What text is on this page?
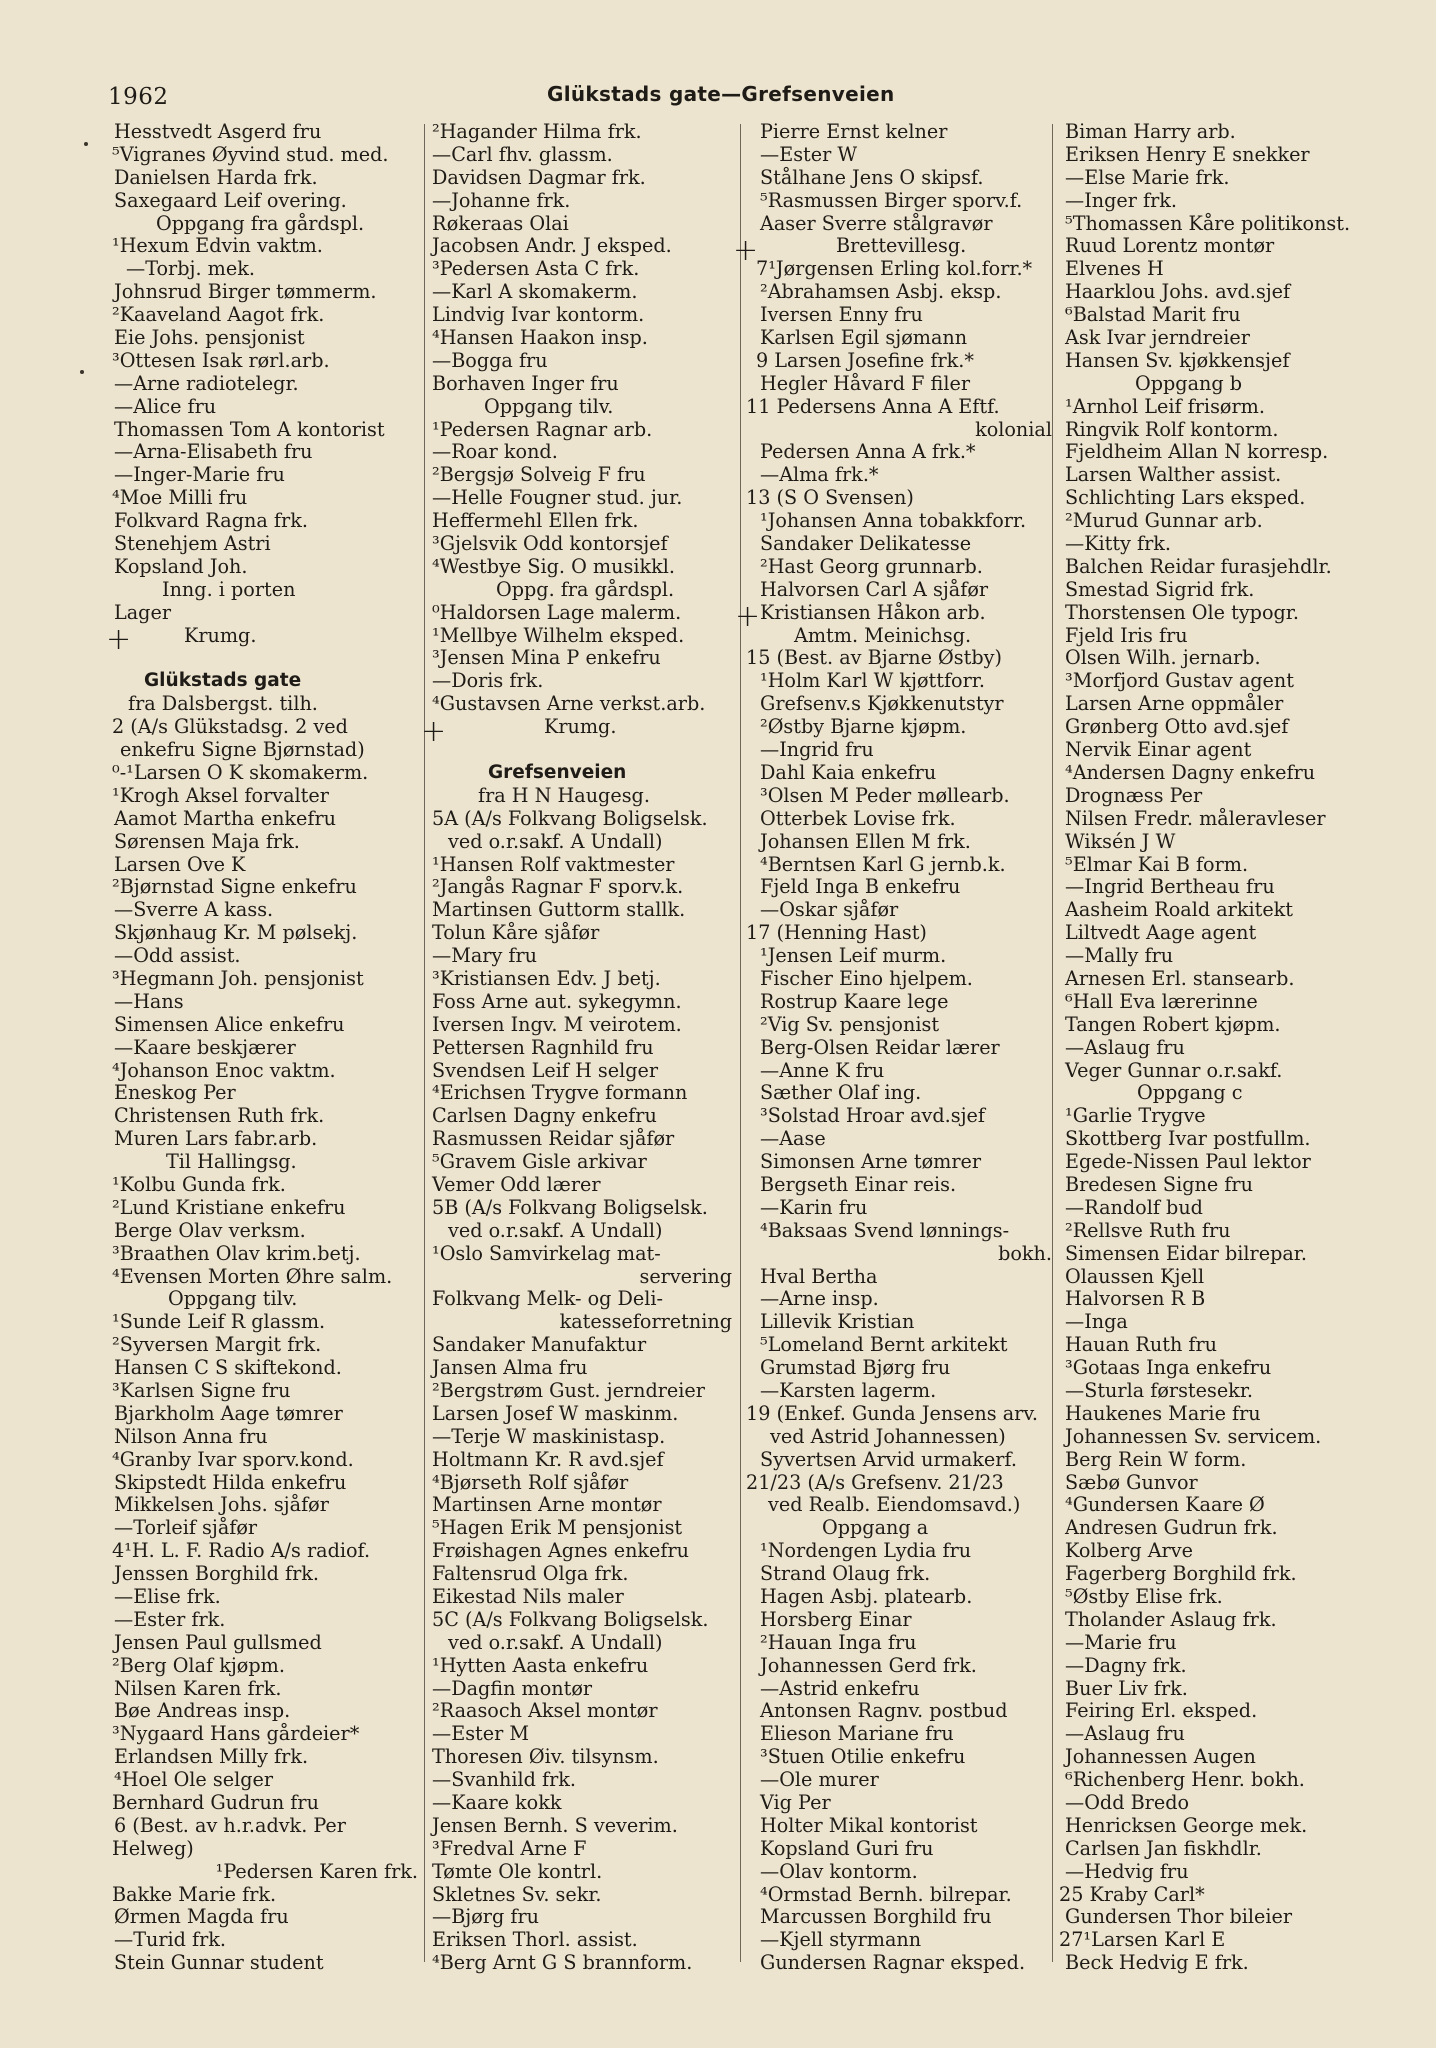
1962	Glükstads gate—Grefsenveien
+
+
+
+
Hesstvedt Asgerd fru
⁵Vigranes Øyvind stud. med.
Danielsen Harda frk.
Saxegaard Leif overing.
Oppgang fra gårdspl.
¹Hexum Edvin vaktm.
—Torbj. mek.
Johnsrud Birger tømmerm.
²Kaaveland Aagot frk.
Eie Johs. pensjonist
³Ottesen Isak rørl.arb.
—Arne radiotelegr.
—Alice fru
Thomassen Tom A kontorist
—Arna-Elisabeth fru
—Inger-Marie fru
⁴Moe Milli fru
Folkvard Ragna frk.
Stenehjem Astri
Kopsland Joh.
Inng. i porten
Lager
Krumg.
Glükstads gate
fra Dalsbergst. tilh.
2 (A/s Glükstadsg. 2 ved
enkefru Signe Bjørnstad)
⁰-¹Larsen O K skomakerm.
¹Krogh Aksel forvalter
Aamot Martha enkefru
Sørensen Maja frk.
Larsen Ove K
²Bjørnstad Signe enkefru
—Sverre A kass.
Skjønhaug Kr. M pølsekj.
—Odd assist.
³Hegmann Joh. pensjonist
—Hans
Simensen Alice enkefru
—Kaare beskjærer
⁴Johanson Enoc vaktm.
Eneskog Per
Christensen Ruth frk.
Muren Lars fabr.arb.
Til Hallingsg.
¹Kolbu Gunda frk.
²Lund Kristiane enkefru
Berge Olav verksm.
³Braathen Olav krim.betj.
⁴Evensen Morten Øhre salm.
Oppgang tilv.
¹Sunde Leif R glassm.
²Syversen Margit frk.
Hansen C S skiftekond.
³Karlsen Signe fru
Bjarkholm Aage tømrer
Nilson Anna fru
⁴Granby Ivar sporv.kond.
Skipstedt Hilda enkefru
Mikkelsen Johs. sjåfør
—Torleif sjåfør
4¹H. L. F. Radio A/s radiof.
Jenssen Borghild frk.
—Elise frk.
—Ester frk.
Jensen Paul gullsmed
²Berg Olaf kjøpm.
Nilsen Karen frk.
Bøe Andreas insp.
³Nygaard Hans gårdeier*
Erlandsen Milly frk.
⁴Hoel Ole selger
Bernhard Gudrun fru
6 (Best. av h.r.advk. Per
Helweg)
¹Pedersen Karen frk.
Bakke Marie frk.
Ørmen Magda fru
—Turid frk.
Stein Gunnar student
²Hagander Hilma frk.
—Carl fhv. glassm.
Davidsen Dagmar frk.
—Johanne frk.
Røkeraas Olai
Jacobsen Andr. J eksped.
³Pedersen Asta C frk.
—Karl A skomakerm.
Lindvig Ivar kontorm.
⁴Hansen Haakon insp.
—Bogga fru
Borhaven Inger fru
Oppgang tilv.
¹Pedersen Ragnar arb.
—Roar kond.
²Bergsjø Solveig F fru
—Helle Fougner stud. jur.
Heffermehl Ellen frk.
³Gjelsvik Odd kontorsjef
⁴Westbye Sig. O musikkl.
Oppg. fra gårdspl.
⁰Haldorsen Lage malerm.
¹Mellbye Wilhelm eksped.
³Jensen Mina P enkefru
—Doris frk.
⁴Gustavsen Arne verkst.arb.
Krumg.
Grefsenveien
fra H N Haugesg.
5A (A/s Folkvang Boligselsk.
ved o.r.sakf. A Undall)
¹Hansen Rolf vaktmester
²Jangås Ragnar F sporv.k.
Martinsen Guttorm stallk.
Tolun Kåre sjåfør
—Mary fru
³Kristiansen Edv. J betj.
Foss Arne aut. sykegymn.
Iversen Ingv. M veirotem.
Pettersen Ragnhild fru
Svendsen Leif H selger
⁴Erichsen Trygve formann
Carlsen Dagny enkefru
Rasmussen Reidar sjåfør
⁵Gravem Gisle arkivar
Vemer Odd lærer
5B (A/s Folkvang Boligselsk.
ved o.r.sakf. A Undall)
¹Oslo Samvirkelag mat-
servering
Folkvang Melk- og Deli-
katesseforretning
Sandaker Manufaktur
Jansen Alma fru
²Bergstrøm Gust. jerndreier
Larsen Josef W maskinm.
—Terje W maskinistasp.
Holtmann Kr. R avd.sjef
⁴Bjørseth Rolf sjåfør
Martinsen Arne montør
⁵Hagen Erik M pensjonist
Frøishagen Agnes enkefru
Faltensrud Olga frk.
Eikestad Nils maler
5C (A/s Folkvang Boligselsk.
ved o.r.sakf. A Undall)
¹Hytten Aasta enkefru
—Dagfin montør
²Raasoch Aksel montør
—Ester M
Thoresen Øiv. tilsynsm.
—Svanhild frk.
—Kaare kokk
Jensen Bernh. S veverim.
³Fredval Arne F
Tømte Ole kontrl.
Skletnes Sv. sekr.
—Bjørg fru
Eriksen Thorl. assist.
⁴Berg Arnt G S brannform.
Pierre Ernst kelner
—Ester W
Stålhane Jens O skipsf.
⁵Rasmussen Birger sporv.f.
Aaser Sverre stålgravør
Brettevillesg.
7¹Jørgensen Erling kol.forr.*
²Abrahamsen Asbj. eksp.
Iversen Enny fru
Karlsen Egil sjømann
9 Larsen Josefine frk.*
Hegler Håvard F filer
11 Pedersens Anna A Eftf.
kolonial
Pedersen Anna A frk.*
—Alma frk.*
13 (S O Svensen)
¹Johansen Anna tobakkforr.
Sandaker Delikatesse
²Hast Georg grunnarb.
Halvorsen Carl A sjåfør
Kristiansen Håkon arb.
Amtm. Meinichsg.
15 (Best. av Bjarne Østby)
¹Holm Karl W kjøttforr.
Grefsenv.s Kjøkkenutstyr
²Østby Bjarne kjøpm.
—Ingrid fru
Dahl Kaia enkefru
³Olsen M Peder møllearb.
Otterbek Lovise frk.
Johansen Ellen M frk.
⁴Berntsen Karl G jernb.k.
Fjeld Inga B enkefru
—Oskar sjåfør
17 (Henning Hast)
¹Jensen Leif murm.
Fischer Eino hjelpem.
Rostrup Kaare lege
²Vig Sv. pensjonist
Berg-Olsen Reidar lærer
—Anne K fru
Sæther Olaf ing.
³Solstad Hroar avd.sjef
—Aase
Simonsen Arne tømrer
Bergseth Einar reis.
—Karin fru
⁴Baksaas Svend lønnings-
bokh.
Hval Bertha
—Arne insp.
Lillevik Kristian
⁵Lomeland Bernt arkitekt
Grumstad Bjørg fru
—Karsten lagerm.
19 (Enkef. Gunda Jensens arv.
ved Astrid Johannessen)
Syvertsen Arvid urmakerf.
21/23 (A/s Grefsenv. 21/23
ved Realb. Eiendomsavd.)
Oppgang a
¹Nordengen Lydia fru
Strand Olaug frk.
Hagen Asbj. platearb.
Horsberg Einar
²Hauan Inga fru
Johannessen Gerd frk.
—Astrid enkefru
Antonsen Ragnv. postbud
Elieson Mariane fru
³Stuen Otilie enkefru
—Ole murer
Vig Per
Holter Mikal kontorist
Kopsland Guri fru
—Olav kontorm.
⁴Ormstad Bernh. bilrepar.
Marcussen Borghild fru
—Kjell styrmann
Gundersen Ragnar eksped.
Biman Harry arb.
Eriksen Henry E snekker
—Else Marie frk.
—Inger frk.
⁵Thomassen Kåre politikonst.
Ruud Lorentz montør
Elvenes H
Haarklou Johs. avd.sjef
⁶Balstad Marit fru
Ask Ivar jerndreier
Hansen Sv. kjøkkensjef
Oppgang b
¹Arnhol Leif frisørm.
Ringvik Rolf kontorm.
Fjeldheim Allan N korresp.
Larsen Walther assist.
Schlichting Lars eksped.
²Murud Gunnar arb.
—Kitty frk.
Balchen Reidar furasjehdlr.
Smestad Sigrid frk.
Thorstensen Ole typogr.
Fjeld Iris fru
Olsen Wilh. jernarb.
³Morfjord Gustav agent
Larsen Arne oppmåler
Grønberg Otto avd.sjef
Nervik Einar agent
⁴Andersen Dagny enkefru
Drognæss Per
Nilsen Fredr. måleravleser
Wiksén J W
⁵Elmar Kai B form.
—Ingrid Bertheau fru
Aasheim Roald arkitekt
Liltvedt Aage agent
—Mally fru
Arnesen Erl. stansearb.
⁶Hall Eva lærerinne
Tangen Robert kjøpm.
—Aslaug fru
Veger Gunnar o.r.sakf.
Oppgang c
¹Garlie Trygve
Skottberg Ivar postfullm.
Egede-Nissen Paul lektor
Bredesen Signe fru
—Randolf bud
²Rellsve Ruth fru
Simensen Eidar bilrepar.
Olaussen Kjell
Halvorsen R B
—Inga
Hauan Ruth fru
³Gotaas Inga enkefru
—Sturla førstesekr.
Haukenes Marie fru
Johannessen Sv. servicem.
Berg Rein W form.
Sæbø Gunvor
⁴Gundersen Kaare Ø
Andresen Gudrun frk.
Kolberg Arve
Fagerberg Borghild frk.
⁵Østby Elise frk.
Tholander Aslaug frk.
—Marie fru
—Dagny frk.
Buer Liv frk.
Feiring Erl. eksped.
—Aslaug fru
Johannessen Augen
⁶Richenberg Henr. bokh.
—Odd Bredo
Henricksen George mek.
Carlsen Jan fiskhdlr.
—Hedvig fru
25 Kraby Carl*
Gundersen Thor bileier
27¹Larsen Karl E
Beck Hedvig E frk.
